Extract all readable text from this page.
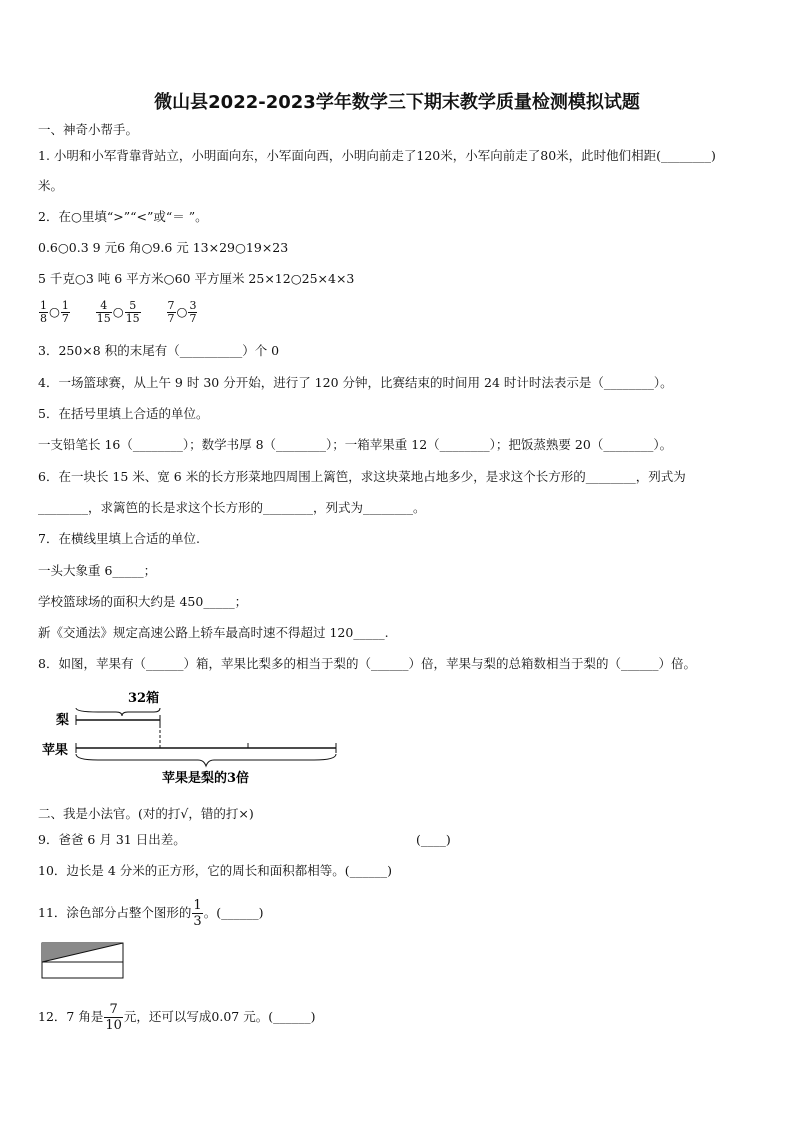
微山县2022-2023学年数学三下期末教学质量检测模拟试题
一、神奇小帮手。
1. 小明和小军背靠背站立，小明面向东，小军面向西，小明向前走了120米，小军向前走了80米，此时他们相距(________)
米。
2．在○里填“>”“<”或“＝ ”。
0.6○0.3 9 元6 角○9.6 元 13×29○19×23
5 千克○3 吨 6 平方米○60 平方厘米 25×12○25×4×3
$\frac{1}{8}$ ○ $\frac{1}{7}$
$\frac{4}{15}$ ○ $\frac{5}{15}$
$\frac{7}{7}$ ○ $\frac{3}{7}$
3．250×8 积的末尾有（__________）个 0
4．一场篮球赛，从上午 9 时 30 分开始，进行了 120 分钟，比赛结束的时间用 24 时计时法表示是（________）。
5．在括号里填上合适的单位。
一支铅笔长 16（________）；数学书厚 8（________）；一箱苹果重 12（________）；把饭蒸熟要 20（________）。
6．在一块长 15 米、宽 6 米的长方形菜地四周围上篱笆，求这块菜地占地多少，是求这个长方形的________，列式为
________，求篱笆的长是求这个长方形的________，列式为________。
7．在横线里填上合适的单位.
一头大象重 6_____；
学校篮球场的面积大约是 450_____；
新《交通法》规定高速公路上轿车最高时速不得超过 120_____.
8．如图，苹果有（______）箱，苹果比梨多的相当于梨的（______）倍，苹果与梨的总箱数相当于梨的（______）倍。
32箱
梨
苹果
苹果是梨的3倍
二、我是小法官。(对的打√，错的打×)
9．爸爸 6 月 31 日出差。	(____)
10．边长是 4 分米的正方形，它的周长和面积都相等。(______)
11．涂色部分占整个图形的 $\frac{1}{3}$ 。(______)
12．7 角是 $\frac{7}{10}$ 元，还可以写成0.07 元。(______)
